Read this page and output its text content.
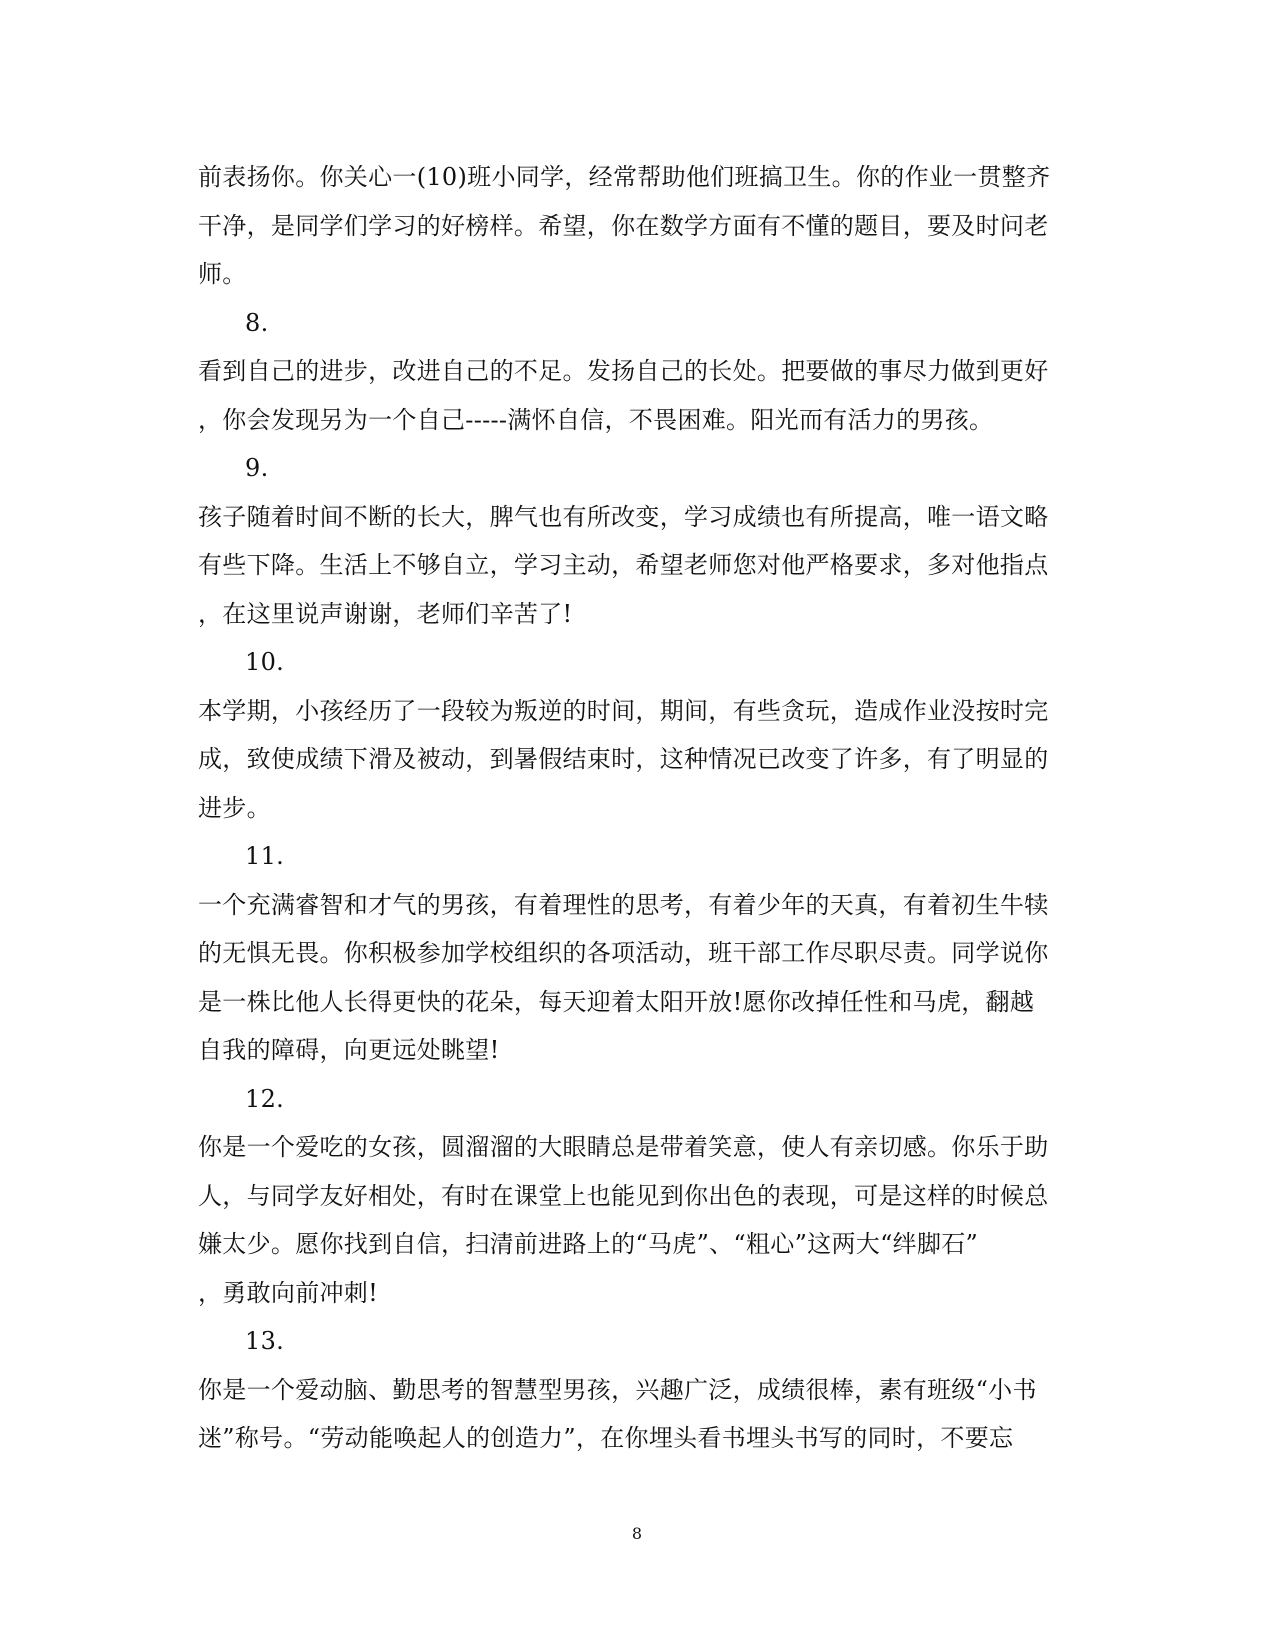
前表扬你。你关心一(10)班小同学，经常帮助他们班搞卫生。你的作业一贯整齐
干净，是同学们学习的好榜样。希望，你在数学方面有不懂的题目，要及时问老
师。
8.
看到自己的进步，改进自己的不足。发扬自己的长处。把要做的事尽力做到更好
，你会发现另为一个自己-----满怀自信，不畏困难。阳光而有活力的男孩。
9.
孩子随着时间不断的长大，脾气也有所改变，学习成绩也有所提高，唯一语文略
有些下降。生活上不够自立，学习主动，希望老师您对他严格要求，多对他指点
，在这里说声谢谢，老师们辛苦了!
10.
本学期，小孩经历了一段较为叛逆的时间，期间，有些贪玩，造成作业没按时完
成，致使成绩下滑及被动，到暑假结束时，这种情况已改变了许多，有了明显的
进步。
11.
一个充满睿智和才气的男孩，有着理性的思考，有着少年的天真，有着初生牛犊
的无惧无畏。你积极参加学校组织的各项活动，班干部工作尽职尽责。同学说你
是一株比他人长得更快的花朵，每天迎着太阳开放!愿你改掉任性和马虎，翻越
自我的障碍，向更远处眺望!
12.
你是一个爱吃的女孩，圆溜溜的大眼睛总是带着笑意，使人有亲切感。你乐于助
人，与同学友好相处，有时在课堂上也能见到你出色的表现，可是这样的时候总
嫌太少。愿你找到自信，扫清前进路上的“马虎”、“粗心”这两大“绊脚石”
，勇敢向前冲刺!
13.
你是一个爱动脑、勤思考的智慧型男孩，兴趣广泛，成绩很棒，素有班级“小书
迷”称号。“劳动能唤起人的创造力”，在你埋头看书埋头书写的同时，不要忘
8
